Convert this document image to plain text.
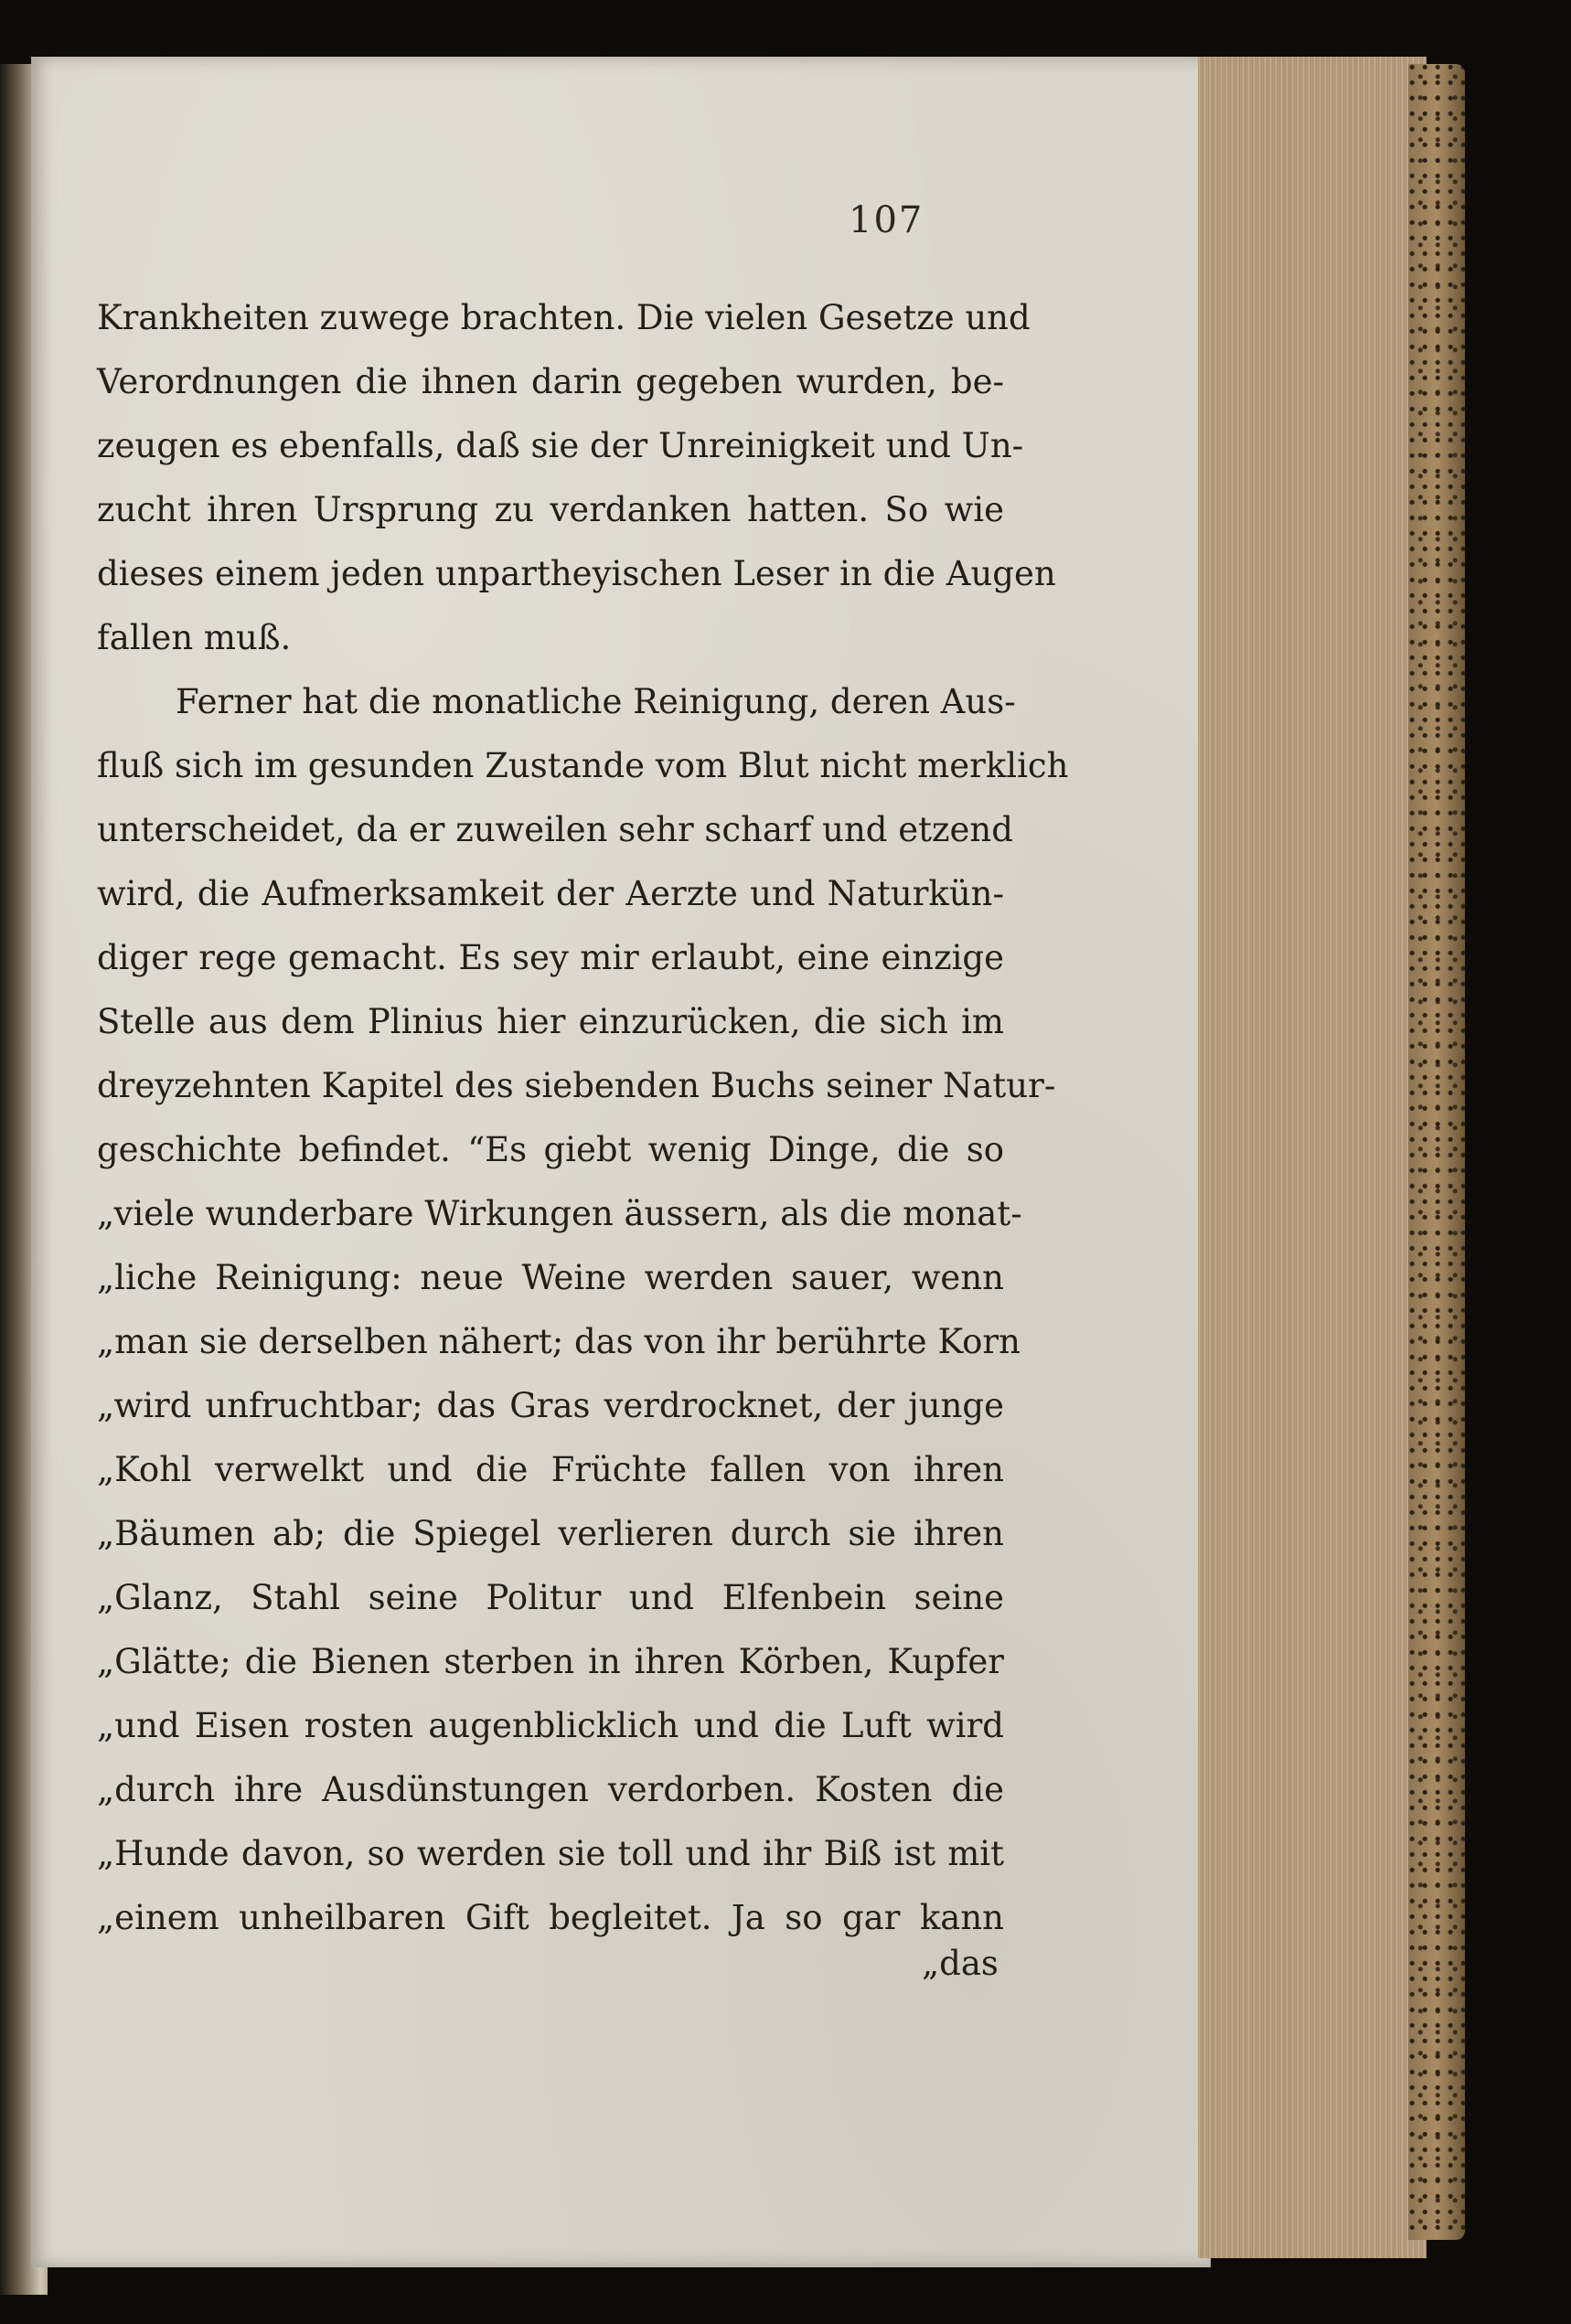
107
Krankheiten zuwege brachten. Die vielen Gesetze und
Verordnungen die ihnen darin gegeben wurden, be-
zeugen es ebenfalls, daß sie der Unreinigkeit und Un-
zucht ihren Ursprung zu verdanken hatten. So wie
dieses einem jeden unpartheyischen Leser in die Augen
fallen muß.
Ferner hat die monatliche Reinigung, deren Aus-
fluß sich im gesunden Zustande vom Blut nicht merklich
unterscheidet, da er zuweilen sehr scharf und etzend
wird, die Aufmerksamkeit der Aerzte und Naturkün-
diger rege gemacht. Es sey mir erlaubt, eine einzige
Stelle aus dem Plinius hier einzurücken, die sich im
dreyzehnten Kapitel des siebenden Buchs seiner Natur-
geschichte befindet. “Es giebt wenig Dinge, die so
„viele wunderbare Wirkungen äussern, als die monat-
„liche Reinigung: neue Weine werden sauer, wenn
„man sie derselben nähert; das von ihr berührte Korn
„wird unfruchtbar; das Gras verdrocknet, der junge
„Kohl verwelkt und die Früchte fallen von ihren
„Bäumen ab; die Spiegel verlieren durch sie ihren
„Glanz, Stahl seine Politur und Elfenbein seine
„Glätte; die Bienen sterben in ihren Körben, Kupfer
„und Eisen rosten augenblicklich und die Luft wird
„durch ihre Ausdünstungen verdorben. Kosten die
„Hunde davon, so werden sie toll und ihr Biß ist mit
„einem unheilbaren Gift begleitet. Ja so gar kann
„das
